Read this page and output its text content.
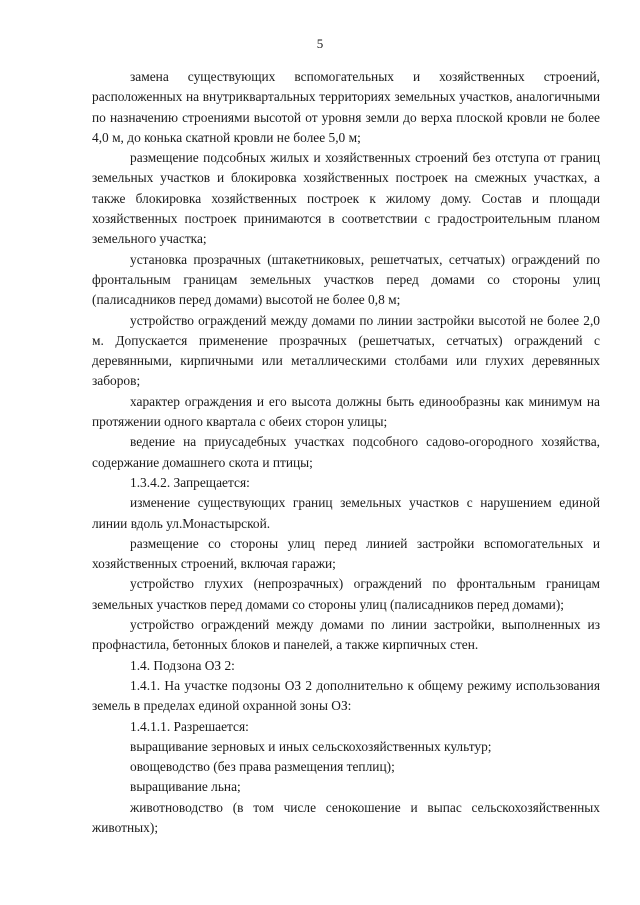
5

замена существующих вспомогательных и хозяйственных строений, расположенных на внутриквартальных территориях земельных участков, аналогичными по назначению строениями высотой от уровня земли до верха плоской кровли не более 4,0 м, до конька скатной кровли не более 5,0 м;

размещение подсобных жилых и хозяйственных строений без отступа от границ земельных участков и блокировка хозяйственных построек на смежных участках, а также блокировка хозяйственных построек к жилому дому. Состав и площади хозяйственных построек принимаются в соответствии с градостроительным планом земельного участка;

установка прозрачных (штакетниковых, решетчатых, сетчатых) ограждений по фронтальным границам земельных участков перед домами со стороны улиц (палисадников перед домами) высотой не более 0,8 м;

устройство ограждений между домами по линии застройки высотой не более 2,0 м. Допускается применение прозрачных (решетчатых, сетчатых) ограждений с деревянными, кирпичными или металлическими столбами или глухих деревянных заборов;

характер ограждения и его высота должны быть единообразны как минимум на протяжении одного квартала с обеих сторон улицы;

ведение на приусадебных участках подсобного садово-огородного хозяйства, содержание домашнего скота и птицы;

1.3.4.2. Запрещается:

изменение существующих границ земельных участков с нарушением единой линии вдоль ул.Монастырской.

размещение со стороны улиц перед линией застройки вспомогательных и хозяйственных строений, включая гаражи;

устройство глухих (непрозрачных) ограждений по фронтальным границам земельных участков перед домами со стороны улиц (палисадников перед домами);

устройство ограждений между домами по линии застройки, выполненных из профнастила, бетонных блоков и панелей, а также кирпичных стен.

1.4. Подзона ОЗ 2:

1.4.1. На участке подзоны ОЗ 2 дополнительно к общему режиму использования земель в пределах единой охранной зоны ОЗ:

1.4.1.1. Разрешается:

выращивание зерновых и иных сельскохозяйственных культур;

овощеводство (без права размещения теплиц);

выращивание льна;

животноводство (в том числе сенокошение и выпас сельскохозяйственных животных);
